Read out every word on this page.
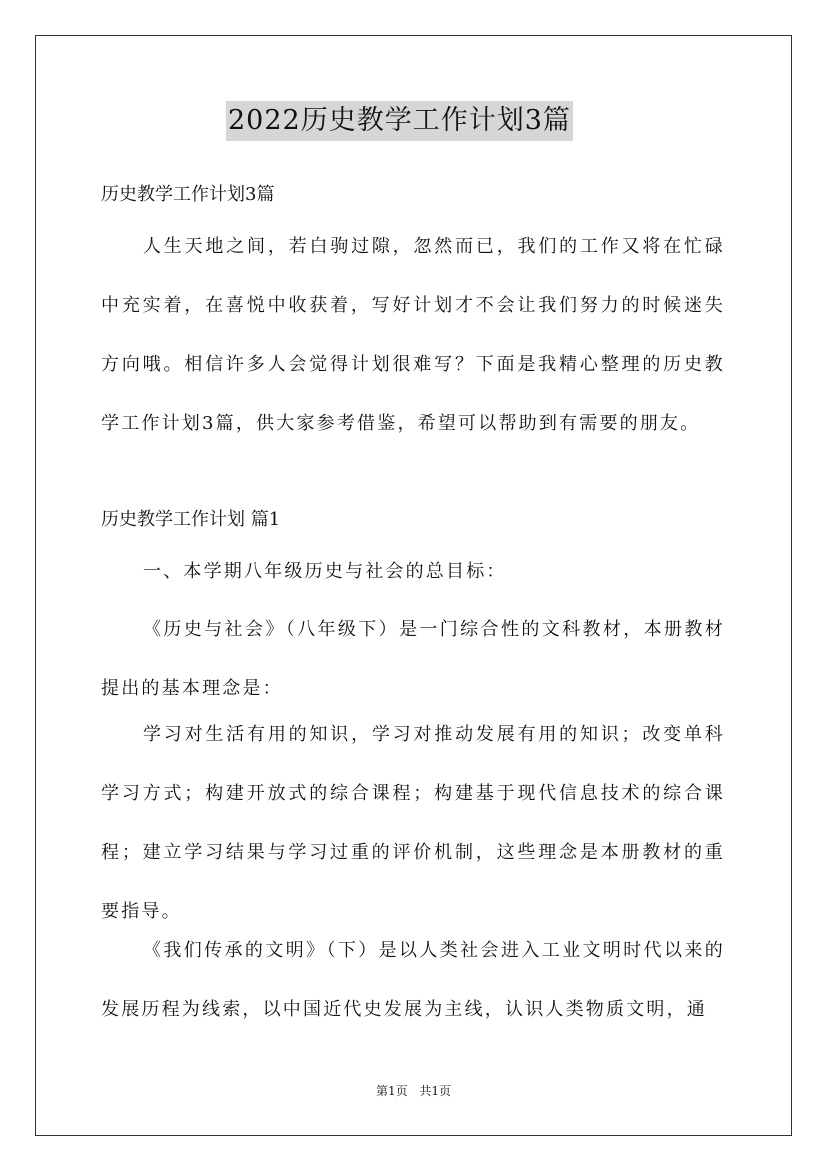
2022历史教学工作计划3篇
历史教学工作计划3篇

人生天地之间，若白驹过隙，忽然而已，我们的工作又将在忙碌中充实着，在喜悦中收获着，写好计划才不会让我们努力的时候迷失方向哦。相信许多人会觉得计划很难写？下面是我精心整理的历史教学工作计划3篇，供大家参考借鉴，希望可以帮助到有需要的朋友。

历史教学工作计划 篇1

一、本学期八年级历史与社会的总目标：

《历史与社会》（八年级下）是一门综合性的文科教材，本册教材提出的基本理念是：

学习对生活有用的知识，学习对推动发展有用的知识；改变单科学习方式；构建开放式的综合课程；构建基于现代信息技术的综合课程；建立学习结果与学习过重的评价机制，这些理念是本册教材的重要指导。

《我们传承的文明》（下）是以人类社会进入工业文明时代以来的发展历程为线索，以中国近代史发展为主线，认识人类物质文明，通

第1页 共1页
